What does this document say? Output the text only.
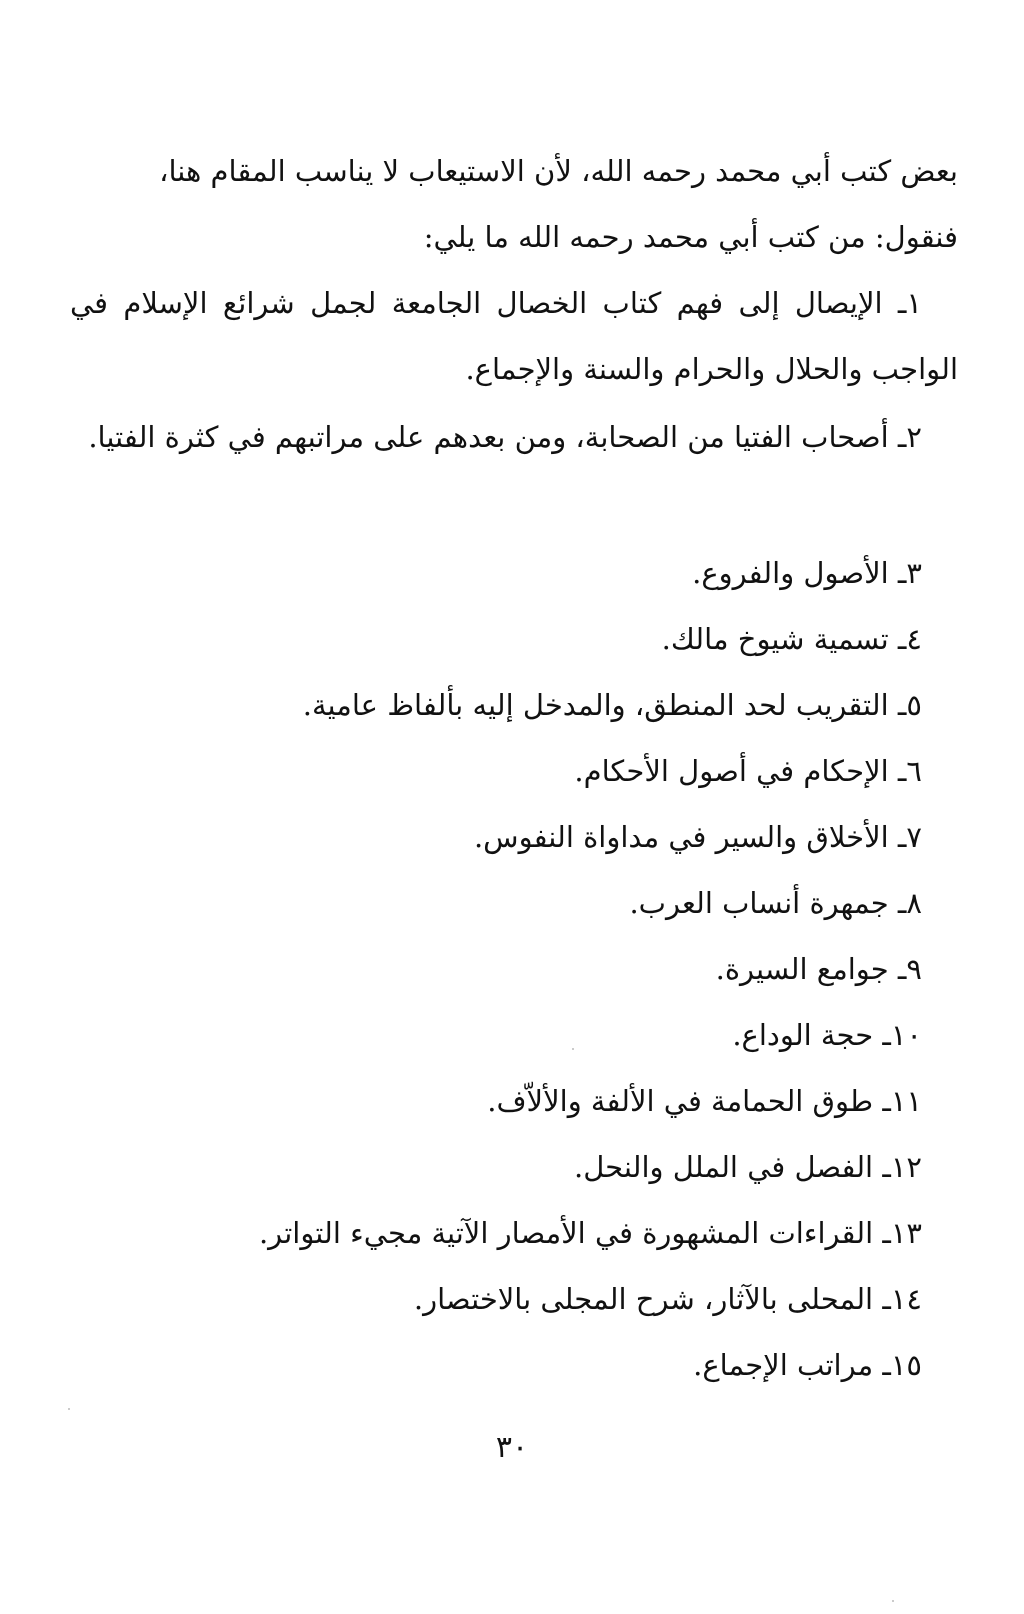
بعض كتب أبي محمد رحمه الله، لأن الاستيعاب لا يناسب المقام هنا،

فنقول: من كتب أبي محمد رحمه الله ما يلي:

١ـ الإيصال إلى فهم كتاب الخصال الجامعة لجمل شرائع الإسلام في الواجب والحلال والحرام والسنة والإجماع.

٢ـ أصحاب الفتيا من الصحابة، ومن بعدهم على مراتبهم في كثرة الفتيا.

٣ـ الأصول والفروع.
٤ـ تسمية شيوخ مالك.
٥ـ التقريب لحد المنطق، والمدخل إليه بألفاظ عامية.
٦ـ الإحكام في أصول الأحكام.
٧ـ الأخلاق والسير في مداواة النفوس.
٨ـ جمهرة أنساب العرب.
٩ـ جوامع السيرة.
١٠ـ حجة الوداع.
١١ـ طوق الحمامة في الألفة والألاّف.
١٢ـ الفصل في الملل والنحل.
١٣ـ القراءات المشهورة في الأمصار الآتية مجيء التواتر.
١٤ـ المحلى بالآثار، شرح المجلى بالاختصار.
١٥ـ مراتب الإجماع.
٣٠
